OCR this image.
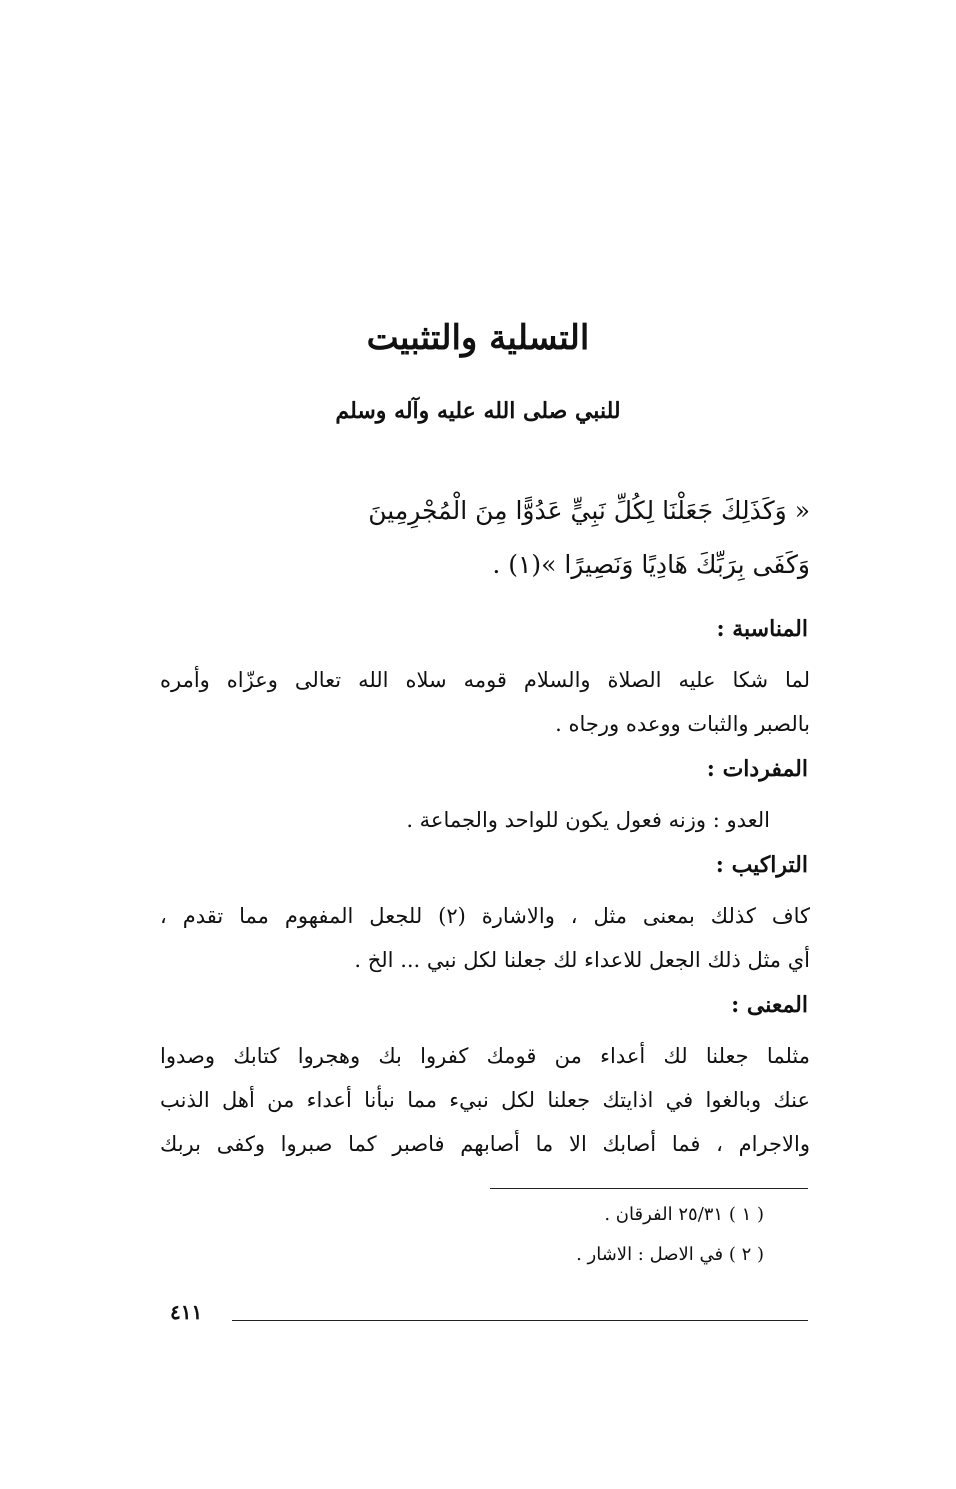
التسلية والتثبيت
للنبي صلى الله عليه وآله وسلم
« وَكَذَلِكَ جَعَلْنَا لِكُلِّ نَبِيٍّ عَدُوًّا مِنَ الْمُجْرِمِينَ
وَكَفَى بِرَبِّكَ هَادِيًا وَنَصِيرًا »(١) .
المناسبة :
لما شكا عليه الصلاة والسلام قومه سلاه الله تعالى وعزّاه وأمره
بالصبر والثبات ووعده ورجاه .
المفردات :
العدو : وزنه فعول يكون للواحد والجماعة .
التراكيب :
كاف كذلك بمعنى مثل ، والاشارة (٢) للجعل المفهوم مما تقدم ،
أي مثل ذلك الجعل للاعداء لك جعلنا لكل نبي ... الخ .
المعنى :
مثلما جعلنا لك أعداء من قومك كفروا بك وهجروا كتابك وصدوا
عنك وبالغوا في اذايتك جعلنا لكل نبيء مما نبأنا أعداء من أهل الذنب
والاجرام ، فما أصابك الا ما أصابهم فاصبر كما صبروا وكفى بربك
( ١ ) ٢٥/٣١ الفرقان .
( ٢ ) في الاصل : الاشار .
٤١١
